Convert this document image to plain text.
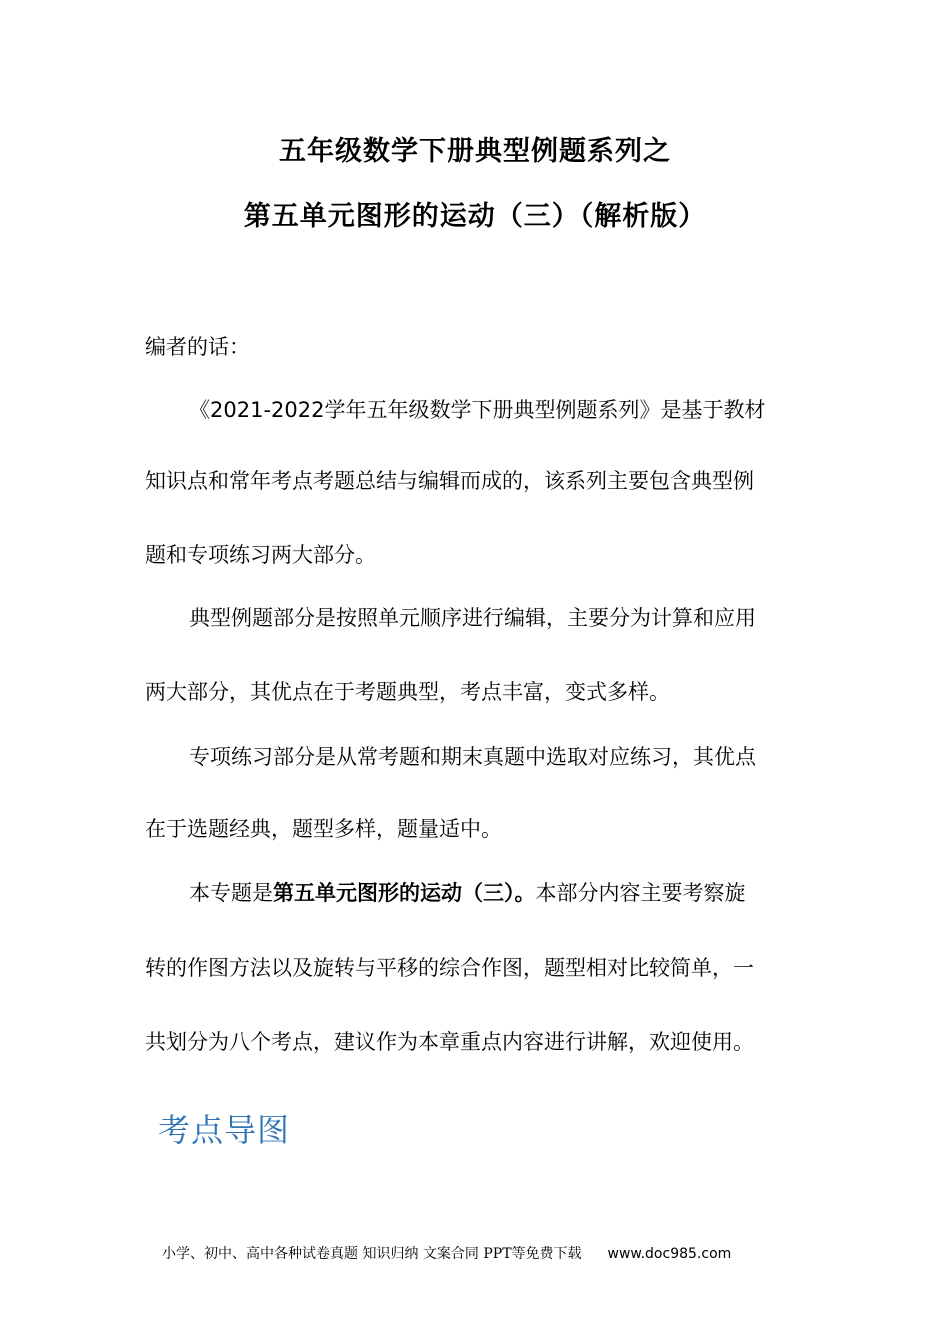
五年级数学下册典型例题系列之
第五单元图形的运动（三）（解析版）
编者的话：
《2021-2022学年五年级数学下册典型例题系列》是基于教材
知识点和常年考点考题总结与编辑而成的，该系列主要包含典型例
题和专项练习两大部分。
典型例题部分是按照单元顺序进行编辑，主要分为计算和应用
两大部分，其优点在于考题典型，考点丰富，变式多样。
专项练习部分是从常考题和期末真题中选取对应练习，其优点
在于选题经典，题型多样，题量适中。
本专题是第五单元图形的运动（三）。本部分内容主要考察旋
转的作图方法以及旋转与平移的综合作图，题型相对比较简单，一
共划分为八个考点，建议作为本章重点内容进行讲解，欢迎使用。
考点导图
小学、初中、高中各种试卷真题 知识归纳 文案合同 PPT等免费下载 www.doc985.com
